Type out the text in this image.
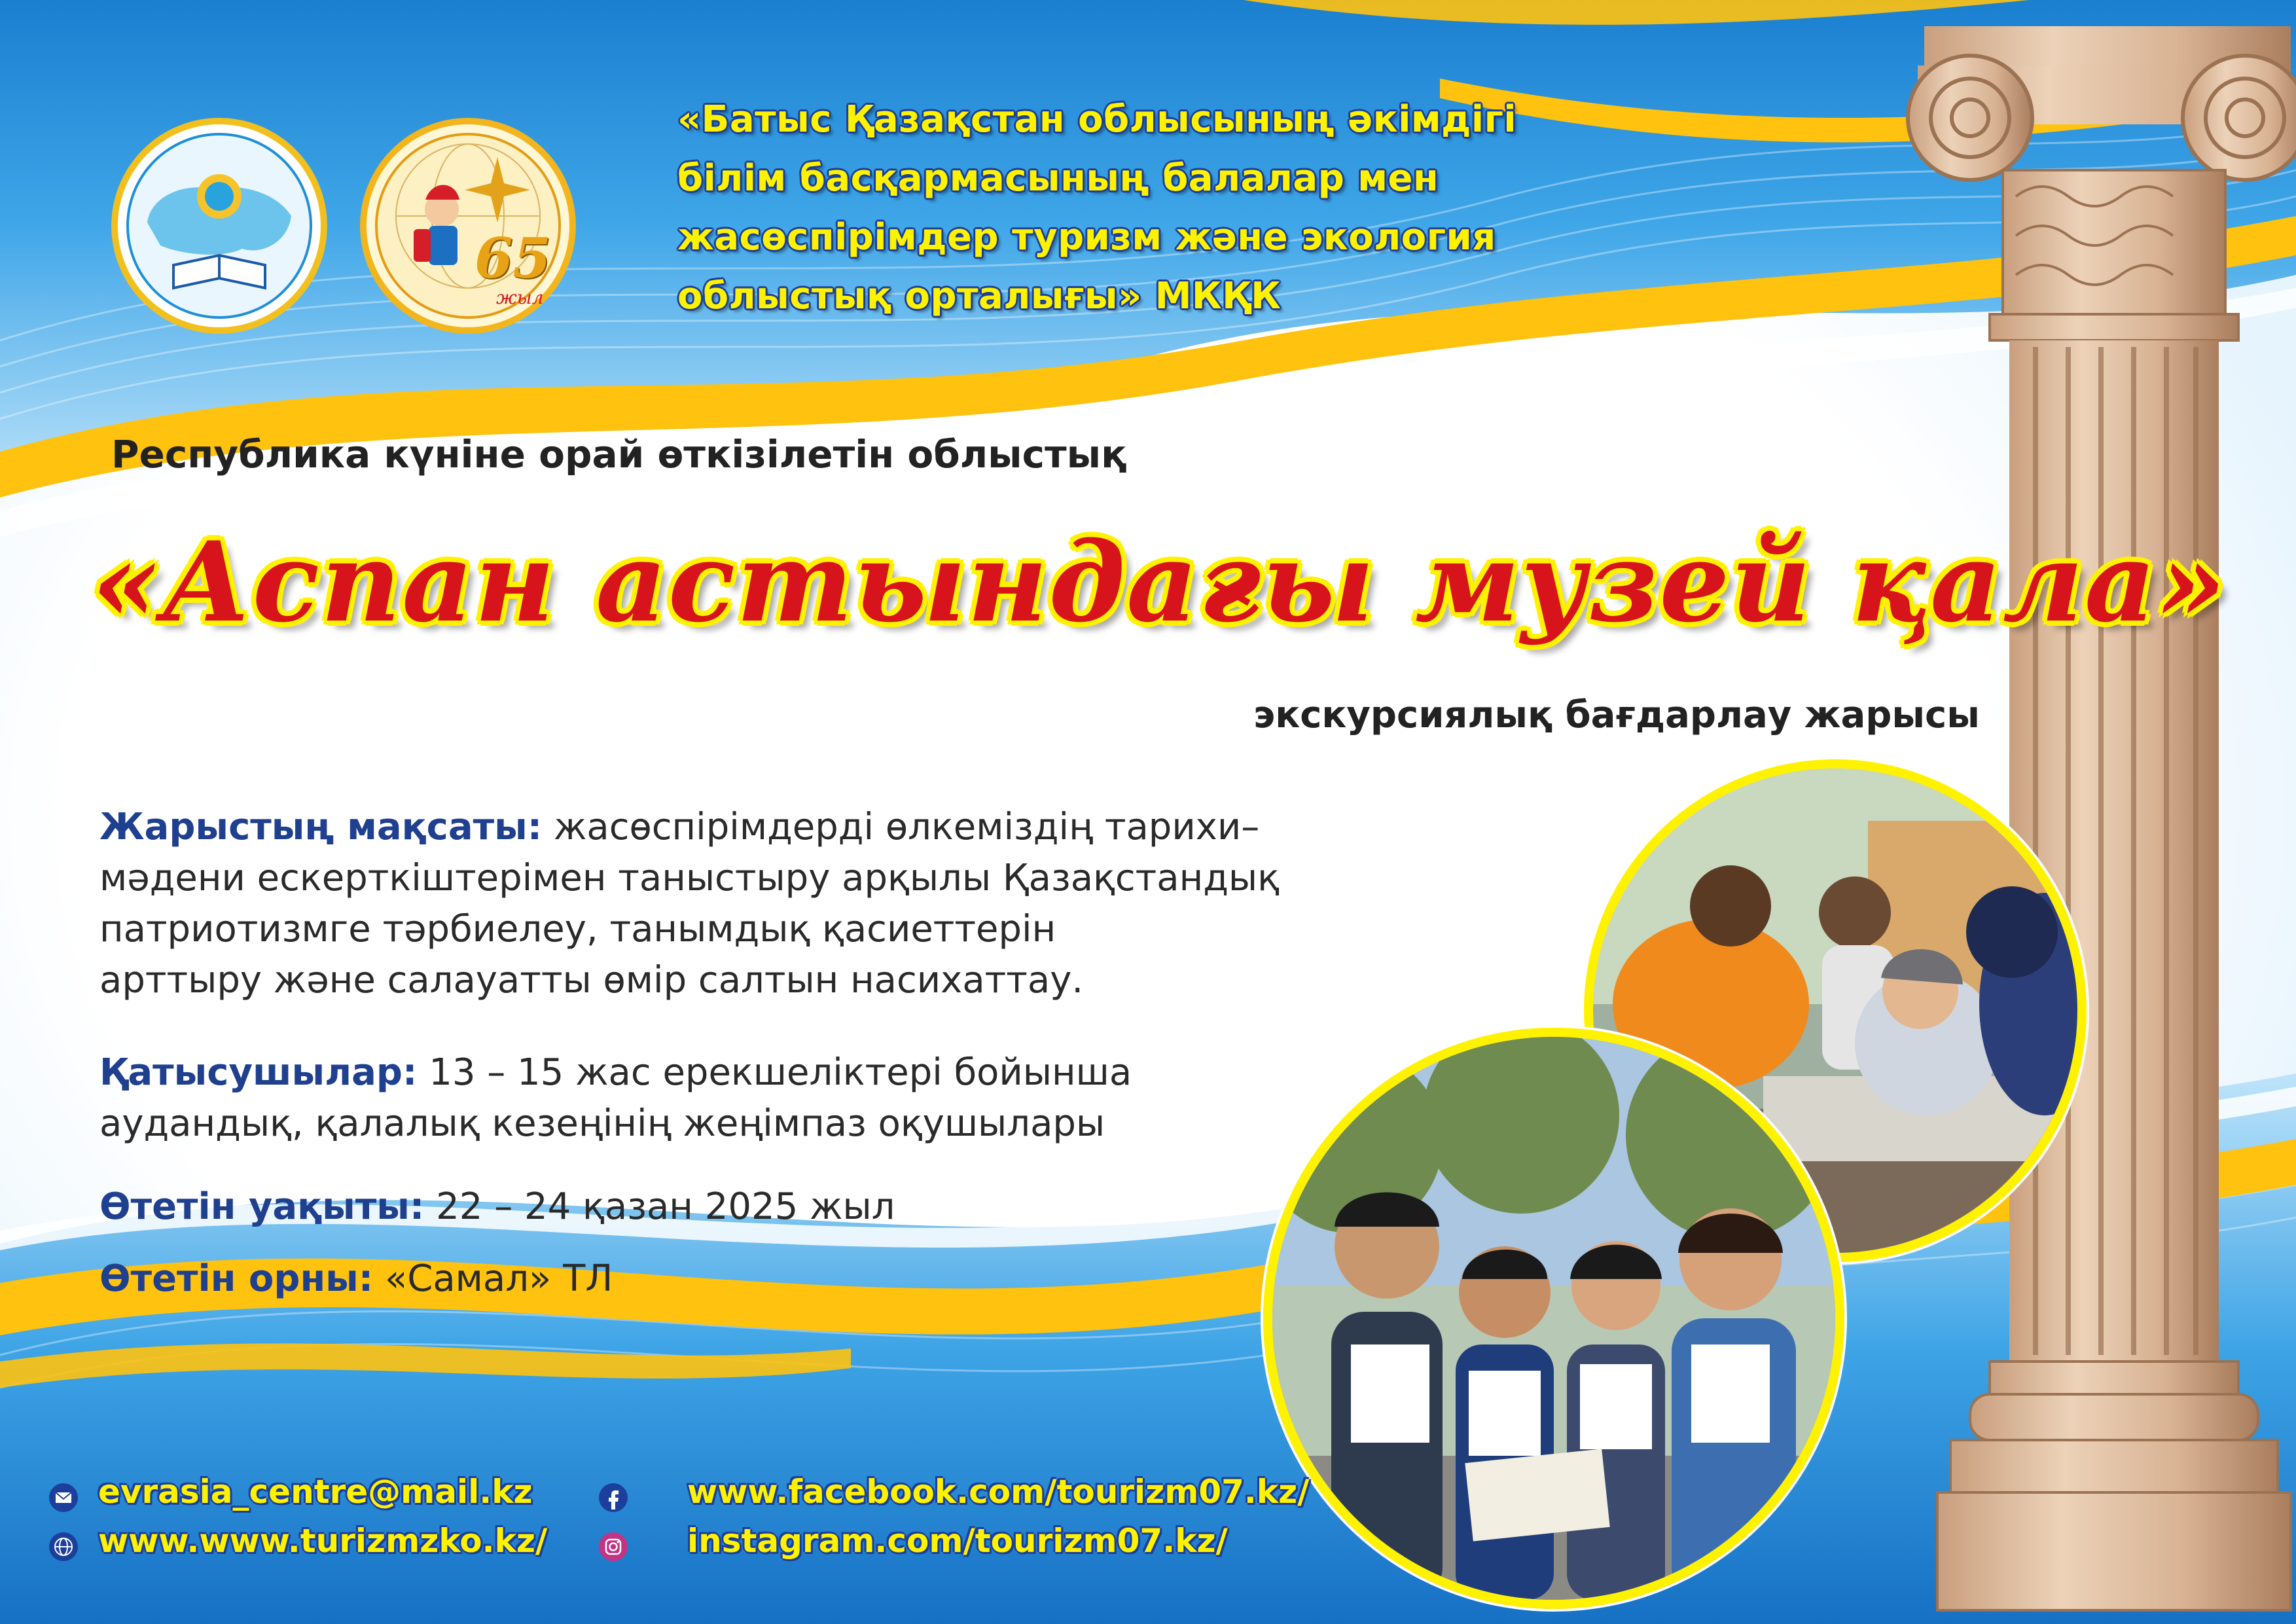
65
жыл
«Батыс Қазақстан облысының әкімдігі
білім басқармасының балалар мен
жасөспірімдер туризм және экология
облыстық орталығы» МКҚК
Республика күніне орай өткізілетін облыстық
«Аспан астындағы музей қала»
экскурсиялық бағдарлау жарысы
Жарыстың мақсаты: жасөспірімдерді өлкеміздің тарихи–
мәдени ескерткіштерімен таныстыру арқылы Қазақстандық
патриотизмге тәрбиелеу, танымдық қасиеттерін
арттыру және салауатты өмір салтын насихаттау.
Қатысушылар: 13 – 15 жас ерекшеліктері бойынша
аудандық, қалалық кезеңінің жеңімпаз оқушылары
Өтетін уақыты: 22 – 24 қазан 2025 жыл
Өтетін орны: «Самал» ТЛ
evrasia_centre@mail.kz
www.www.turizmzko.kz/
www.facebook.com/tourizm07.kz/
instagram.com/tourizm07.kz/
